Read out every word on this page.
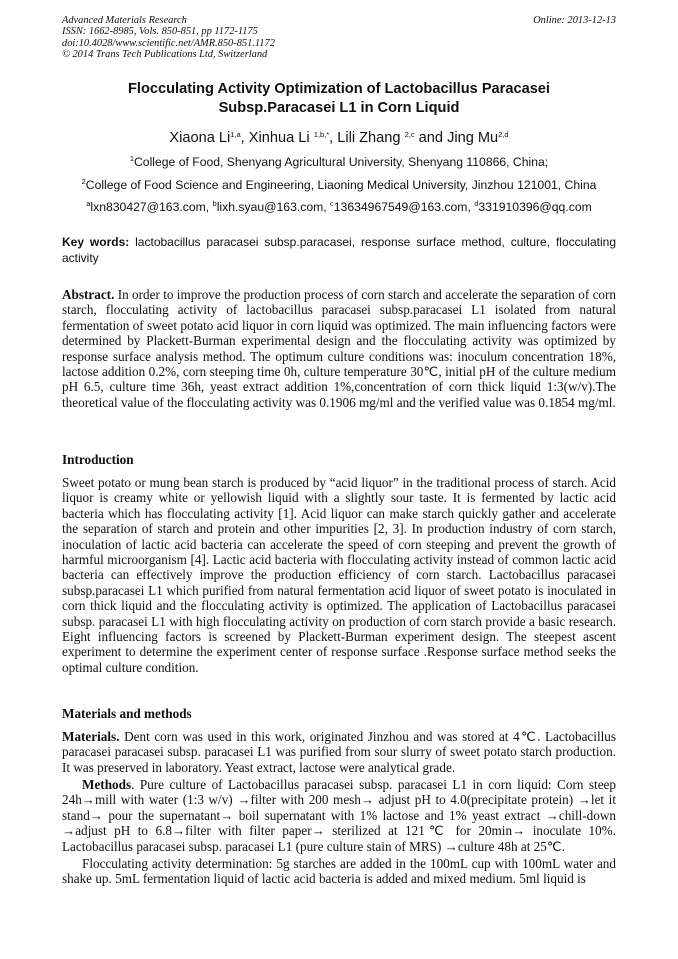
Advanced Materials Research
ISSN: 1662-8985, Vols. 850-851, pp 1172-1175
doi:10.4028/www.scientific.net/AMR.850-851.1172
© 2014 Trans Tech Publications Ltd, Switzerland
Online: 2013-12-13
Flocculating Activity Optimization of Lactobacillus Paracasei
Subsp.Paracasei L1 in Corn Liquid
Xiaona Li$^{1,a}$, Xinhua Li $^{1,b,*}$, Lili Zhang $^{2,c}$ and Jing Mu$^{2,d}$
$^1$College of Food, Shenyang Agricultural University, Shenyang 110866, China;
$^2$College of Food Science and Engineering, Liaoning Medical University, Jinzhou 121001, China
$^a$lxn830427@163.com, $^b$lixh.syau@163.com, $^c$13634967549@163.com, $^d$331910396@qq.com
Key words: lactobacillus paracasei subsp.paracasei, response surface method, culture, flocculating activity

Abstract. In order to improve the production process of corn starch and accelerate the separation of corn starch, flocculating activity of lactobacillus paracasei subsp.paracasei L1 isolated from natural fermentation of sweet potato acid liquor in corn liquid was optimized. The main influencing factors were determined by Plackett-Burman experimental design and the flocculating activity was optimized by response surface analysis method. The optimum culture conditions was: inoculum concentration 18%, lactose addition 0.2%, corn steeping time 0h, culture temperature 30℃, initial pH of the culture medium pH 6.5, culture time 36h, yeast extract addition 1%,concentration of corn thick liquid 1:3(w/v).The theoretical value of the flocculating activity was 0.1906 mg/ml and the verified value was 0.1854 mg/ml.

Introduction

Sweet potato or mung bean starch is produced by “acid liquor” in the traditional process of starch. Acid liquor is creamy white or yellowish liquid with a slightly sour taste. It is fermented by lactic acid bacteria which has flocculating activity [1]. Acid liquor can make starch quickly gather and accelerate the separation of starch and protein and other impurities [2, 3]. In production industry of corn starch, inoculation of lactic acid bacteria can accelerate the speed of corn steeping and prevent the growth of harmful microorganism [4]. Lactic acid bacteria with flocculating activity instead of common lactic acid bacteria can effectively improve the production efficiency of corn starch. Lactobacillus paracasei subsp.paracasei L1 which purified from natural fermentation acid liquor of sweet potato is inoculated in corn thick liquid and the flocculating activity is optimized. The application of Lactobacillus paracasei subsp. paracasei L1 with high flocculating activity on production of corn starch provide a basic research. Eight influencing factors is screened by Plackett-Burman experiment design. The steepest ascent experiment to determine the experiment center of response surface .Response surface method seeks the optimal culture condition.

Materials and methods

Materials. Dent corn was used in this work, originated Jinzhou and was stored at 4℃. Lactobacillus paracasei paracasei subsp. paracasei L1 was purified from sour slurry of sweet potato starch production. It was preserved in laboratory. Yeast extract, lactose were analytical grade.

Methods. Pure culture of Lactobacillus paracasei subsp. paracasei L1 in corn liquid: Corn steep 24h→mill with water (1:3 w/v) →filter with 200 mesh→ adjust pH to 4.0(precipitate protein) →let it stand→ pour the supernatant→ boil supernatant with 1% lactose and 1% yeast extract →chill-down →adjust pH to 6.8→filter with filter paper→ sterilized at 121℃ for 20min→ inoculate 10%. Lactobacillus paracasei subsp. paracasei L1 (pure culture stain of MRS) →culture 48h at 25℃.

Flocculating activity determination: 5g starches are added in the 100mL cup with 100mL water and shake up. 5mL fermentation liquid of lactic acid bacteria is added and mixed medium. 5ml liquid is
